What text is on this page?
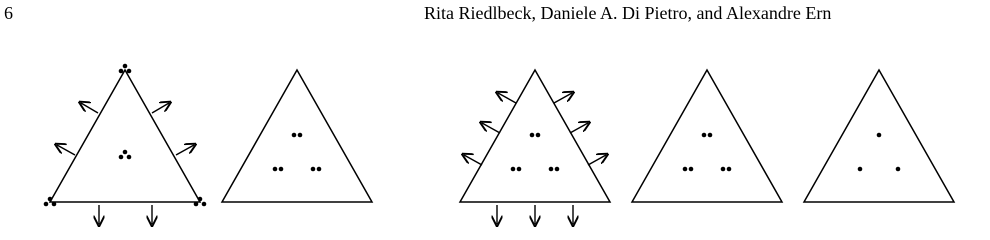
6	Rita Riedlbeck, Daniele A. Di Pietro, and Alexandre Ern
